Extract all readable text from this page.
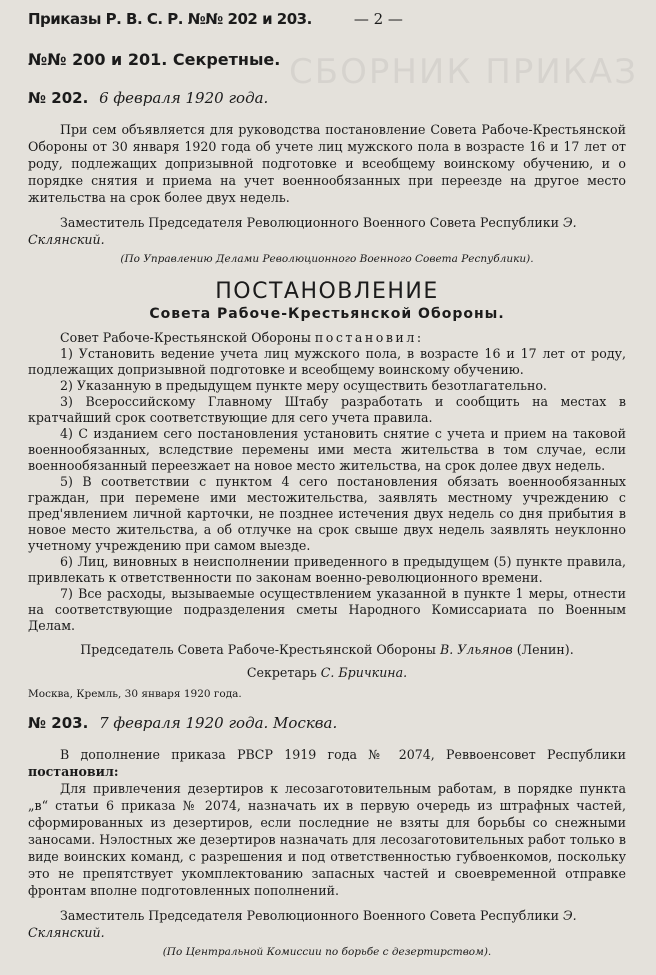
СБОРНИК ПРИКАЗ
Приказы Р. В. С. Р. №№ 202 и 203.	— 2 —
№№ 200 и 201. Секретные.
№ 202. 6 февраля 1920 года.

При сем объявляется для руководства постановление Совета Рабоче-Крестьянской Обороны от 30 января 1920 года об учете лиц мужского пола в возрасте 16 и 17 лет от роду, подлежащих допризывной подготовке и всеобщему воинскому обучению, и о порядке снятия и приема на учет военнообязанных при переезде на другое место жительства на срок более двух недель.

Заместитель Председателя Революционного Военного Совета Республики Э. Склянский.

(По Управлению Делами Революционного Военного Совета Республики).

ПОСТАНОВЛЕНИЕ
Совета Рабоче-Крестьянской Обороны.

Совет Рабоче-Крестьянской Обороны постановил:

1) Установить ведение учета лиц мужского пола, в возрасте 16 и 17 лет от роду, подлежащих допризывной подготовке и всеобщему воинскому обучению.
2) Указанную в предыдущем пункте меру осуществить безотлагательно.
3) Всероссийскому Главному Штабу разработать и сообщить на местах в кратчайший срок соответствующие для сего учета правила.
4) С изданием сего постановления установить снятие с учета и прием на таковой военнообязанных, вследствие перемены ими места жительства в том случае, если военнообязанный переезжает на новое место жительства, на срок долее двух недель.
5) В соответствии с пунктом 4 сего постановления обязать военнообязанных граждан, при перемене ими местожительства, заявлять местному учреждению с пред'явлением личной карточки, не позднее истечения двух недель со дня прибытия в новое место жительства, а об отлучке на срок свыше двух недель заявлять неуклонно учетному учреждению при самом выезде.
6) Лиц, виновных в неисполнении приведенного в предыдущем (5) пункте правила, привлекать к ответственности по законам военно-революционного времени.
7) Все расходы, вызываемые осуществлением указанной в пункте 1 меры, отнести на соответствующие подразделения сметы Народного Комиссариата по Военным Делам.

Председатель Совета Рабоче-Крестьянской Обороны В. Ульянов (Ленин).

Секретарь С. Бричкина.

Москва, Кремль, 30 января 1920 года.

№ 203. 7 февраля 1920 года. Москва.

В дополнение приказа РВСР 1919 года № 2074, Реввоенсовет Республики постановил:

Для привлечения дезертиров к лесозаготовительным работам, в порядке пункта „в“ статьи 6 приказа № 2074, назначать их в первую очередь из штрафных частей, сформированных из дезертиров, если последние не взяты для борьбы со снежными заносами. Нэлостных же дезертиров назначать для лесозаготовительных работ только в виде воинских команд, с разрешения и под ответственностью губвоенкомов, поскольку это не препятствует укомплектованию запасных частей и своевременной отправке фронтам вполне подготовленных пополнений.

Заместитель Председателя Революционного Военного Совета Республики Э. Склянский.

(По Центральной Комиссии по борьбе с дезертирством).
